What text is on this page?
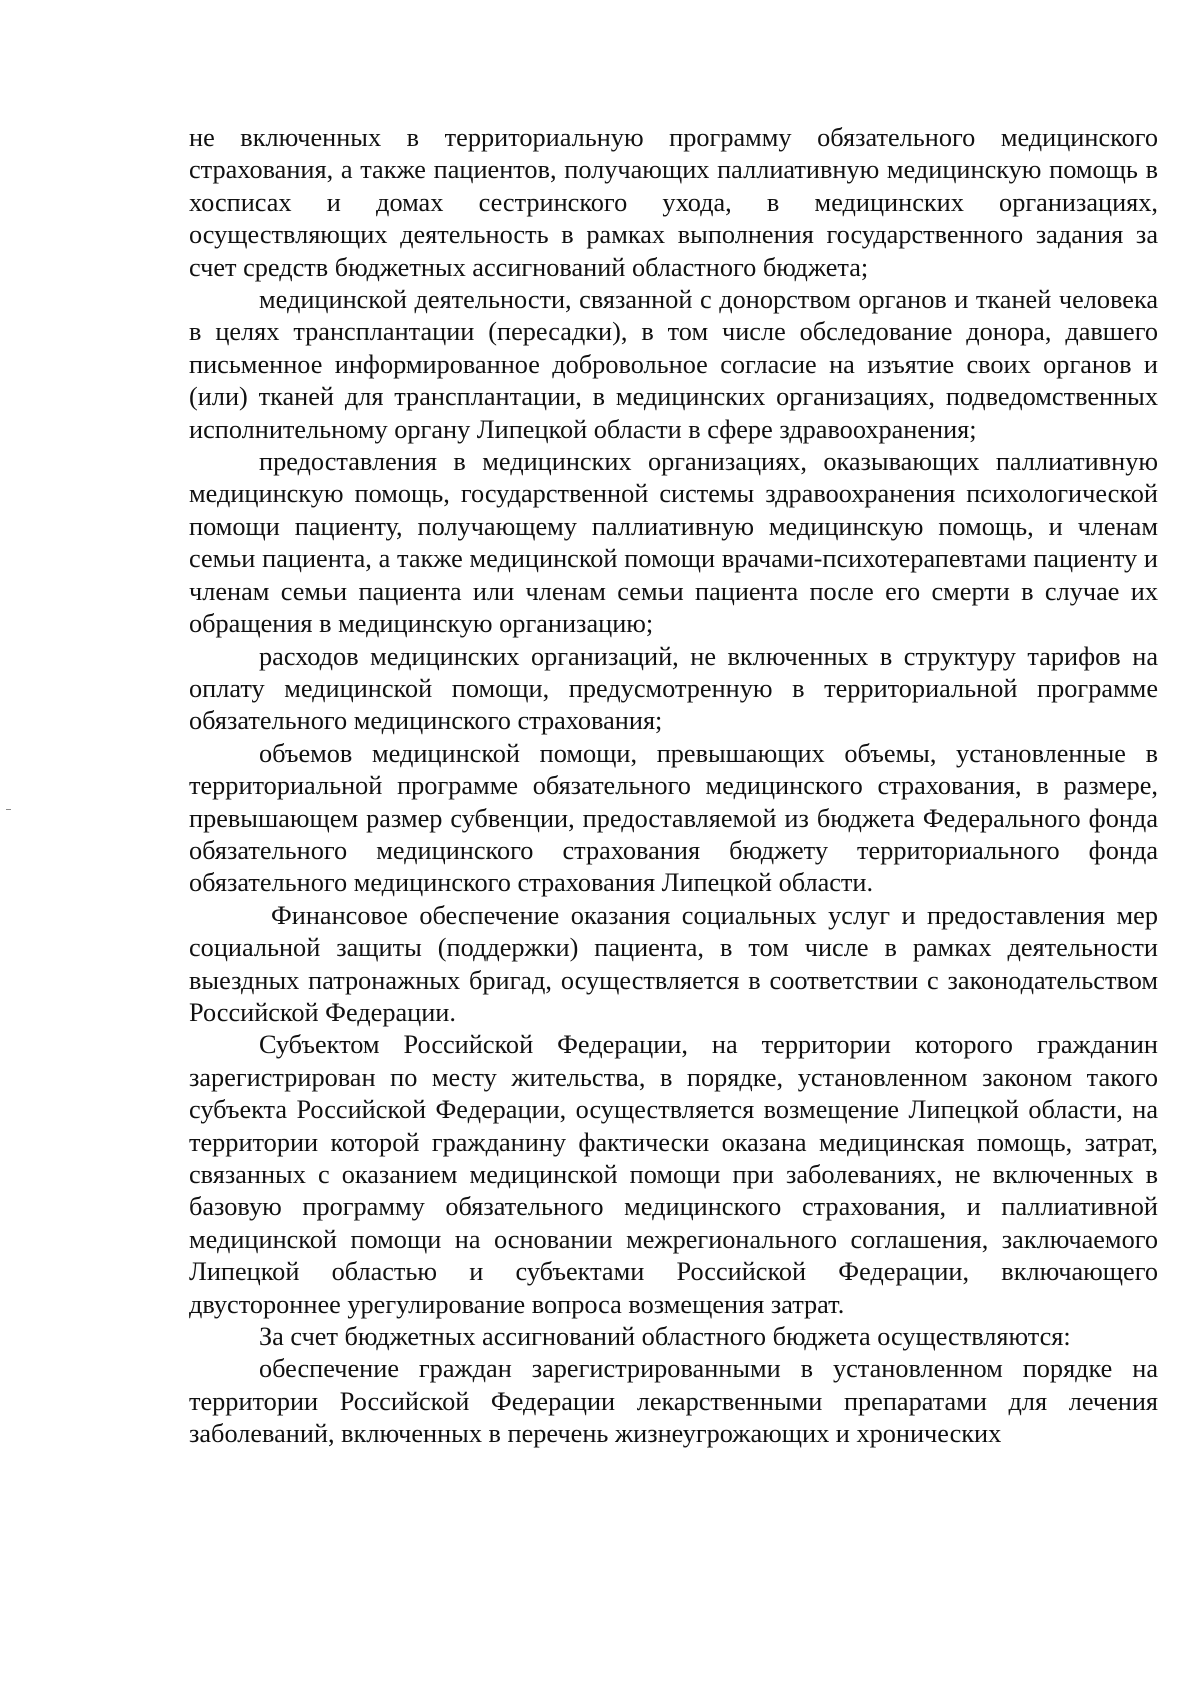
не включенных в территориальную программу обязательного медицинского страхования, а также пациентов, получающих паллиативную медицинскую помощь в хосписах и домах сестринского ухода, в медицинских организациях, осуществляющих деятельность в рамках выполнения государственного задания за счет средств бюджетных ассигнований областного бюджета;

медицинской деятельности, связанной с донорством органов и тканей человека в целях трансплантации (пересадки), в том числе обследование донора, давшего письменное информированное добровольное согласие на изъятие своих органов и (или) тканей для трансплантации, в медицинских организациях, подведомственных исполнительному органу Липецкой области в сфере здравоохранения;

предоставления в медицинских организациях, оказывающих паллиативную медицинскую помощь, государственной системы здравоохранения психологической помощи пациенту, получающему паллиативную медицинскую помощь, и членам семьи пациента, а также медицинской помощи врачами-психотерапевтами пациенту и членам семьи пациента или членам семьи пациента после его смерти в случае их обращения в медицинскую организацию;

расходов медицинских организаций, не включенных в структуру тарифов на оплату медицинской помощи, предусмотренную в территориальной программе обязательного медицинского страхования;

объемов медицинской помощи, превышающих объемы, установленные в территориальной программе обязательного медицинского страхования, в размере, превышающем размер субвенции, предоставляемой из бюджета Федерального фонда обязательного медицинского страхования бюджету территориального фонда обязательного медицинского страхования Липецкой области.

Финансовое обеспечение оказания социальных услуг и предоставления мер социальной защиты (поддержки) пациента, в том числе в рамках деятельности выездных патронажных бригад, осуществляется в соответствии с законодательством Российской Федерации.

Субъектом Российской Федерации, на территории которого гражданин зарегистрирован по месту жительства, в порядке, установленном законом такого субъекта Российской Федерации, осуществляется возмещение Липецкой области, на территории которой гражданину фактически оказана медицинская помощь, затрат, связанных с оказанием медицинской помощи при заболеваниях, не включенных в базовую программу обязательного медицинского страхования, и паллиативной медицинской помощи на основании межрегионального соглашения, заключаемого Липецкой областью и субъектами Российской Федерации, включающего двустороннее урегулирование вопроса возмещения затрат.

За счет бюджетных ассигнований областного бюджета осуществляются:

обеспечение граждан зарегистрированными в установленном порядке на территории Российской Федерации лекарственными препаратами для лечения заболеваний, включенных в перечень жизнеугрожающих и хронических
